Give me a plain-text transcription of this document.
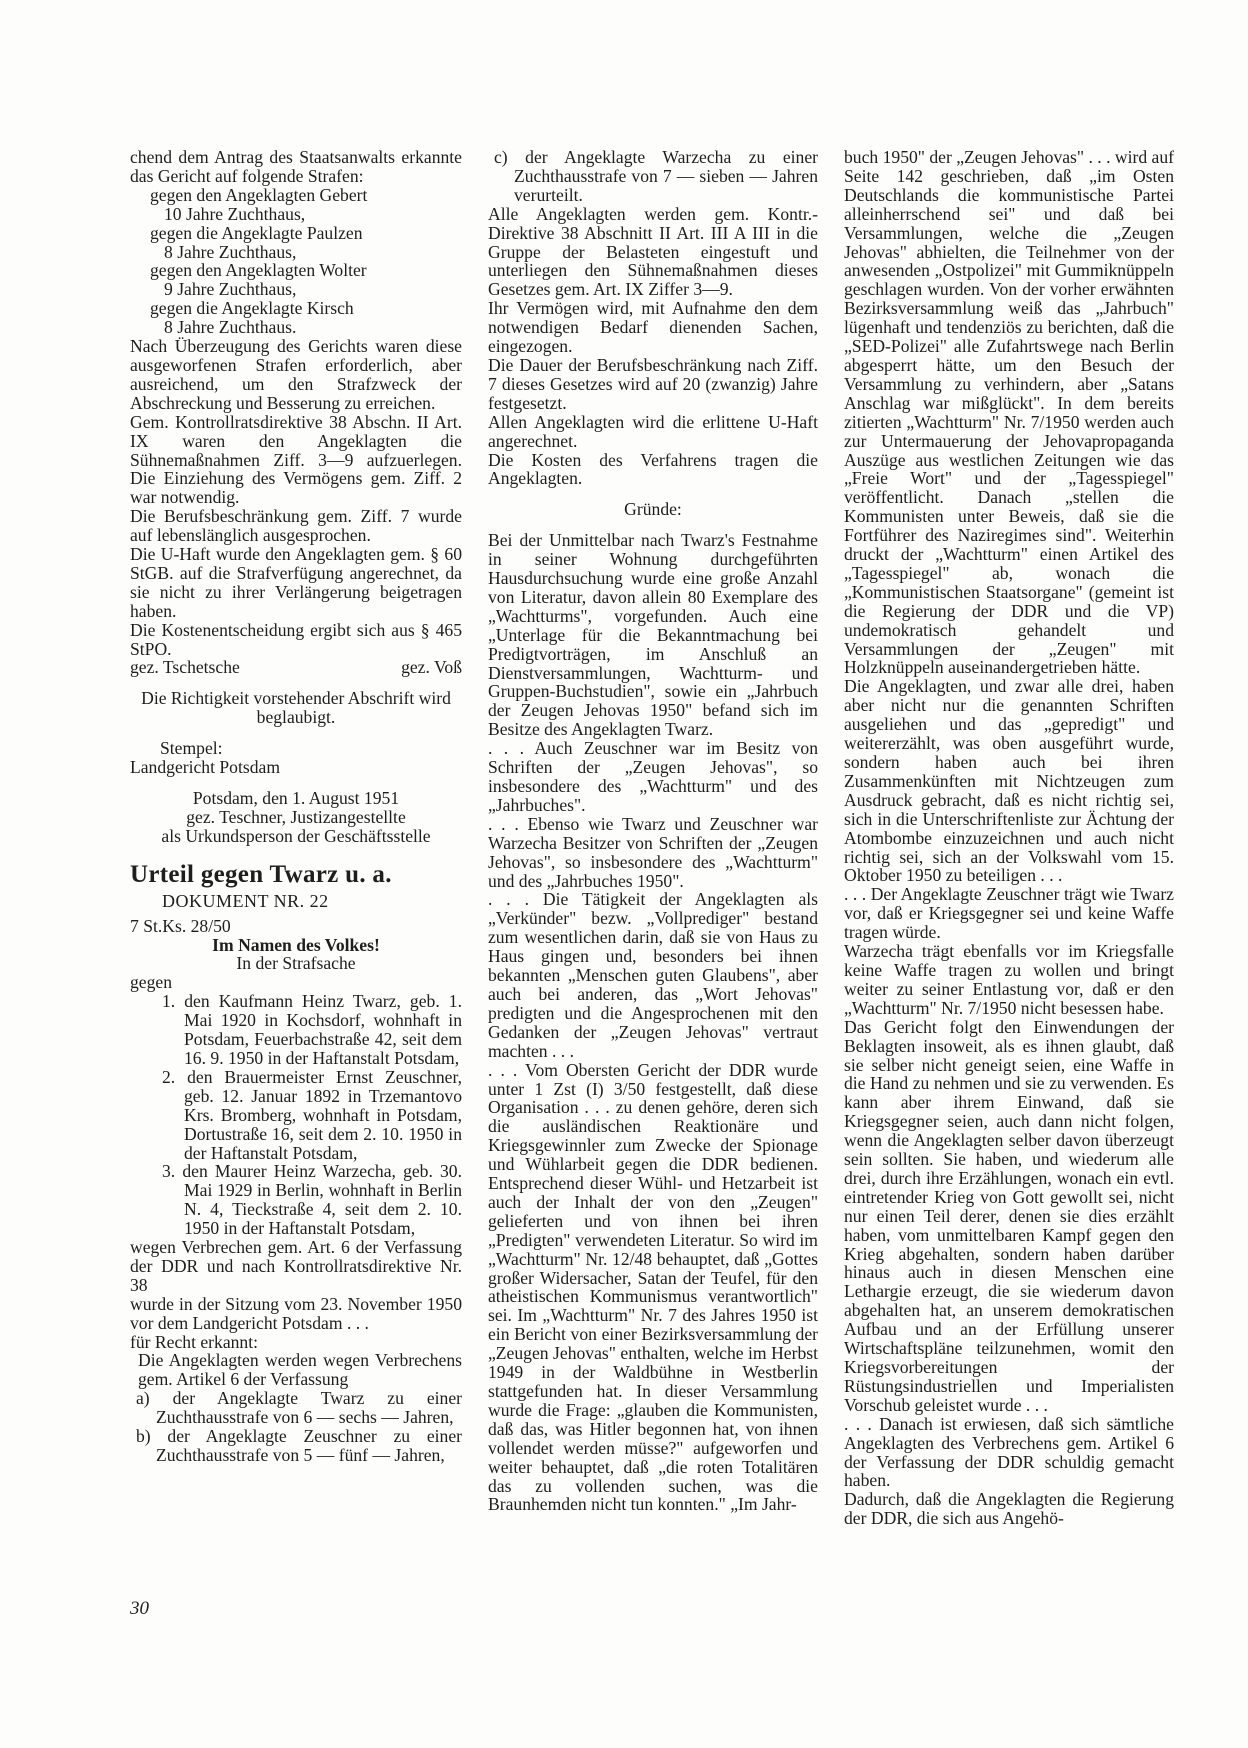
chend dem Antrag des Staatsanwalts erkannte das Gericht auf folgende Strafen:

gegen den Angeklagten Gebert

10 Jahre Zuchthaus,

gegen die Angeklagte Paulzen

8 Jahre Zuchthaus,

gegen den Angeklagten Wolter

9 Jahre Zuchthaus,

gegen die Angeklagte Kirsch

8 Jahre Zuchthaus.

Nach Überzeugung des Gerichts waren diese ausgeworfenen Strafen erforderlich, aber ausreichend, um den Strafzweck der Abschreckung und Besserung zu erreichen.

Gem. Kontrollratsdirektive 38 Abschn. II Art. IX waren den Angeklagten die Sühnemaßnahmen Ziff. 3—9 aufzuerlegen. Die Einziehung des Vermögens gem. Ziff. 2 war notwendig.

Die Berufsbeschränkung gem. Ziff. 7 wurde auf lebenslänglich ausgesprochen.

Die U-Haft wurde den Angeklagten gem. § 60 StGB. auf die Strafverfügung angerechnet, da sie nicht zu ihrer Verlängerung beigetragen haben.

Die Kostenentscheidung ergibt sich aus § 465 StPO.

gez. Tschetsche	gez. Voß

Die Richtigkeit vorstehender Abschrift wird beglaubigt.

Stempel:

Landgericht Potsdam

Potsdam, den 1. August 1951

gez. Teschner, Justizangestellte

als Urkundsperson der Geschäftsstelle

Urteil gegen Twarz u. a.
DOKUMENT NR. 22

7 St.Ks. 28/50

Im Namen des Volkes!

In der Strafsache

gegen

1. den Kaufmann Heinz Twarz, geb. 1. Mai 1920 in Kochsdorf, wohnhaft in Potsdam, Feuerbachstraße 42, seit dem 16. 9. 1950 in der Haftanstalt Potsdam,

2. den Brauermeister Ernst Zeuschner, geb. 12. Januar 1892 in Trzemantovo Krs. Bromberg, wohnhaft in Potsdam, Dortustraße 16, seit dem 2. 10. 1950 in der Haftanstalt Potsdam,

3. den Maurer Heinz Warzecha, geb. 30. Mai 1929 in Berlin, wohnhaft in Berlin N. 4, Tieckstraße 4, seit dem 2. 10. 1950 in der Haftanstalt Potsdam,

wegen Verbrechen gem. Art. 6 der Verfassung der DDR und nach Kontrollratsdirektive Nr. 38

wurde in der Sitzung vom 23. November 1950 vor dem Landgericht Potsdam . . .

für Recht erkannt:

Die Angeklagten werden wegen Verbrechens gem. Artikel 6 der Verfassung

a) der Angeklagte Twarz zu einer Zuchthausstrafe von 6 — sechs — Jahren,

b) der Angeklagte Zeuschner zu einer Zuchthausstrafe von 5 — fünf — Jahren,

c) der Angeklagte Warzecha zu einer Zuchthausstrafe von 7 — sieben — Jahren verurteilt.

Alle Angeklagten werden gem. Kontr.-Direktive 38 Abschnitt II Art. III A III in die Gruppe der Belasteten eingestuft und unterliegen den Sühnemaßnahmen dieses Gesetzes gem. Art. IX Ziffer 3—9.

Ihr Vermögen wird, mit Aufnahme den dem notwendigen Bedarf dienenden Sachen, eingezogen.

Die Dauer der Berufsbeschränkung nach Ziff. 7 dieses Gesetzes wird auf 20 (zwanzig) Jahre festgesetzt.

Allen Angeklagten wird die erlittene U-Haft angerechnet.

Die Kosten des Verfahrens tragen die Angeklagten.

Gründe:

Bei der Unmittelbar nach Twarz's Festnahme in seiner Wohnung durchgeführten Hausdurchsuchung wurde eine große Anzahl von Literatur, davon allein 80 Exemplare des „Wachtturms", vorgefunden. Auch eine „Unterlage für die Bekanntmachung bei Predigtvorträgen, im Anschluß an Dienstversammlungen, Wachtturm- und Gruppen-Buchstudien", sowie ein „Jahrbuch der Zeugen Jehovas 1950" befand sich im Besitze des Angeklagten Twarz.

. . . Auch Zeuschner war im Besitz von Schriften der „Zeugen Jehovas", so insbesondere des „Wachtturm" und des „Jahrbuches".

. . . Ebenso wie Twarz und Zeuschner war Warzecha Besitzer von Schriften der „Zeugen Jehovas", so insbesondere des „Wachtturm" und des „Jahrbuches 1950".

. . . Die Tätigkeit der Angeklagten als „Verkünder" bezw. „Vollprediger" bestand zum wesentlichen darin, daß sie von Haus zu Haus gingen und, besonders bei ihnen bekannten „Menschen guten Glaubens", aber auch bei anderen, das „Wort Jehovas" predigten und die Angesprochenen mit den Gedanken der „Zeugen Jehovas" vertraut machten . . .

. . . Vom Obersten Gericht der DDR wurde unter 1 Zst (I) 3/50 festgestellt, daß diese Organisation . . . zu denen gehöre, deren sich die ausländischen Reaktionäre und Kriegsgewinnler zum Zwecke der Spionage und Wühlarbeit gegen die DDR bedienen. Entsprechend dieser Wühl- und Hetzarbeit ist auch der Inhalt der von den „Zeugen" gelieferten und von ihnen bei ihren „Predigten" verwendeten Literatur. So wird im „Wachtturm" Nr. 12/48 behauptet, daß „Gottes großer Widersacher, Satan der Teufel, für den atheistischen Kommunismus verantwortlich" sei. Im „Wachtturm" Nr. 7 des Jahres 1950 ist ein Bericht von einer Bezirksversammlung der „Zeugen Jehovas" enthalten, welche im Herbst 1949 in der Waldbühne in Westberlin stattgefunden hat. In dieser Versammlung wurde die Frage: „glauben die Kommunisten, daß das, was Hitler begonnen hat, von ihnen vollendet werden müsse?" aufgeworfen und weiter behauptet, daß „die roten Totalitären das zu vollenden suchen, was die Braunhemden nicht tun konnten." „Im Jahr-

buch 1950" der „Zeugen Jehovas" . . . wird auf Seite 142 geschrieben, daß „im Osten Deutschlands die kommunistische Partei alleinherrschend sei" und daß bei Versammlungen, welche die „Zeugen Jehovas" abhielten, die Teilnehmer von der anwesenden „Ostpolizei" mit Gummiknüppeln geschlagen wurden. Von der vorher erwähnten Bezirksversammlung weiß das „Jahrbuch" lügenhaft und tendenziös zu berichten, daß die „SED-Polizei" alle Zufahrtswege nach Berlin abgesperrt hätte, um den Besuch der Versammlung zu verhindern, aber „Satans Anschlag war mißglückt". In dem bereits zitierten „Wachtturm" Nr. 7/1950 werden auch zur Untermauerung der Jehovapropaganda Auszüge aus westlichen Zeitungen wie das „Freie Wort" und der „Tagesspiegel" veröffentlicht. Danach „stellen die Kommunisten unter Beweis, daß sie die Fortführer des Naziregimes sind". Weiterhin druckt der „Wachtturm" einen Artikel des „Tagesspiegel" ab, wonach die „Kommunistischen Staatsorgane" (gemeint ist die Regierung der DDR und die VP) undemokratisch gehandelt und Versammlungen der „Zeugen" mit Holzknüppeln auseinandergetrieben hätte.

Die Angeklagten, und zwar alle drei, haben aber nicht nur die genannten Schriften ausgeliehen und das „gepredigt" und weitererzählt, was oben ausgeführt wurde, sondern haben auch bei ihren Zusammenkünften mit Nichtzeugen zum Ausdruck gebracht, daß es nicht richtig sei, sich in die Unterschriftenliste zur Ächtung der Atombombe einzuzeichnen und auch nicht richtig sei, sich an der Volkswahl vom 15. Oktober 1950 zu beteiligen . . .

. . . Der Angeklagte Zeuschner trägt wie Twarz vor, daß er Kriegsgegner sei und keine Waffe tragen würde.

Warzecha trägt ebenfalls vor im Kriegsfalle keine Waffe tragen zu wollen und bringt weiter zu seiner Entlastung vor, daß er den „Wachtturm" Nr. 7/1950 nicht besessen habe.

Das Gericht folgt den Einwendungen der Beklagten insoweit, als es ihnen glaubt, daß sie selber nicht geneigt seien, eine Waffe in die Hand zu nehmen und sie zu verwenden. Es kann aber ihrem Einwand, daß sie Kriegsgegner seien, auch dann nicht folgen, wenn die Angeklagten selber davon überzeugt sein sollten. Sie haben, und wiederum alle drei, durch ihre Erzählungen, wonach ein evtl. eintretender Krieg von Gott gewollt sei, nicht nur einen Teil derer, denen sie dies erzählt haben, vom unmittelbaren Kampf gegen den Krieg abgehalten, sondern haben darüber hinaus auch in diesen Menschen eine Lethargie erzeugt, die sie wiederum davon abgehalten hat, an unserem demokratischen Aufbau und an der Erfüllung unserer Wirtschaftspläne teilzunehmen, womit den Kriegsvorbereitungen der Rüstungsindustriellen und Imperialisten Vorschub geleistet wurde . . .

. . . Danach ist erwiesen, daß sich sämtliche Angeklagten des Verbrechens gem. Artikel 6 der Verfassung der DDR schuldig gemacht haben.

Dadurch, daß die Angeklagten die Regierung der DDR, die sich aus Angehö-

30
